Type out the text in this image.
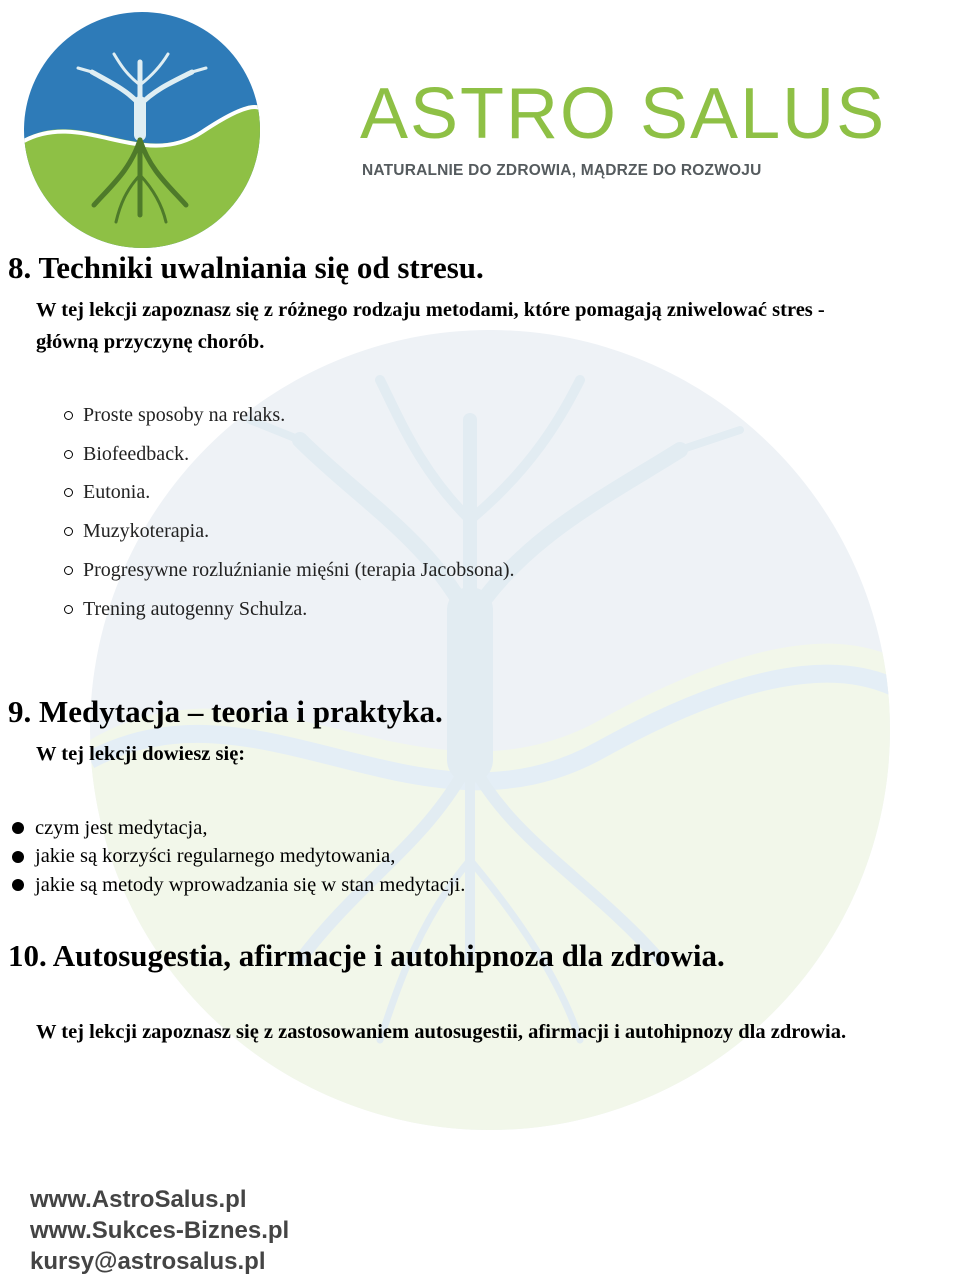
ASTRO SALUS
NATURALNIE DO ZDROWIA, MĄDRZE DO ROZWOJU
8. Techniki uwalniania się od stresu.

W tej lekcji zapoznasz się z różnego rodzaju metodami, które pomagają zniwelować stres -
główną przyczynę chorób.

Proste sposoby na relaks.
Biofeedback.
Eutonia.
Muzykoterapia.
Progresywne rozluźnianie mięśni (terapia Jacobsona).
Trening autogenny Schulza.
9. Medytacja – teoria i praktyka.

W tej lekcji dowiesz się:

czym jest medytacja,
jakie są korzyści regularnego medytowania,
jakie są metody wprowadzania się w stan medytacji.
10. Autosugestia, afirmacje i autohipnoza dla zdrowia.

W tej lekcji zapoznasz się z zastosowaniem autosugestii, afirmacji i autohipnozy dla zdrowia.

www.AstroSalus.pl
www.Sukces-Biznes.pl
kursy@astrosalus.pl
